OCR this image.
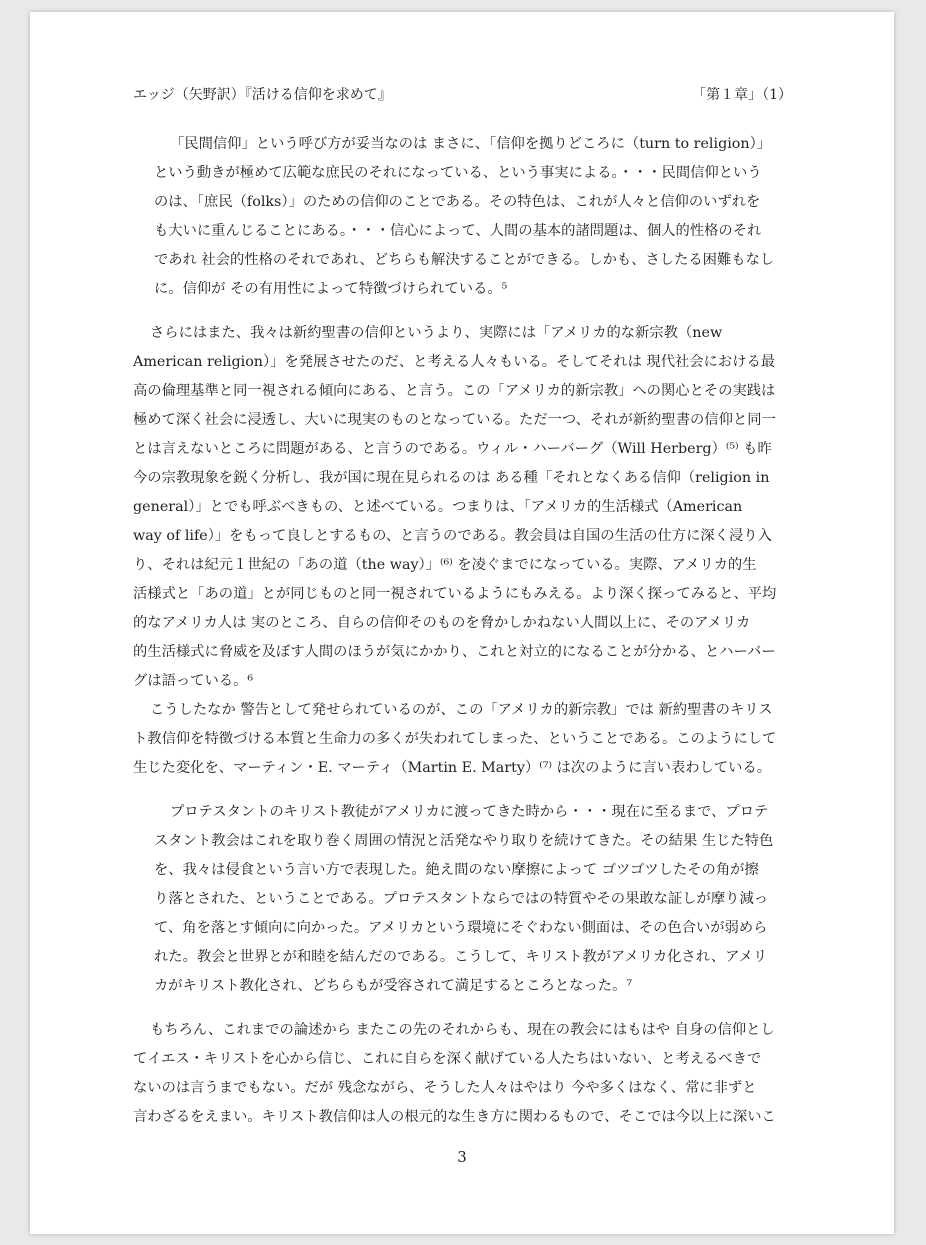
エッジ（矢野訳）『活ける信仰を求めて』	「第１章」（1）
「民間信仰」という呼び方が妥当なのは まさに、「信仰を拠りどころに（turn to religion）」
という動きが極めて広範な庶民のそれになっている、という事実による。・・・民間信仰という
のは、「庶民（folks）」のための信仰のことである。その特色は、これが人々と信仰のいずれを
も大いに重んじることにある。・・・信心によって、人間の基本的諸問題は、個人的性格のそれ
であれ 社会的性格のそれであれ、どちらも解決することができる。しかも、さしたる困難もなし
に。信仰が その有用性によって特徴づけられている。⁵
さらにはまた、我々は新約聖書の信仰というより、実際には「アメリカ的な新宗教（new
American religion）」を発展させたのだ、と考える人々もいる。そしてそれは 現代社会における最
高の倫理基準と同一視される傾向にある、と言う。この「アメリカ的新宗教」への関心とその実践は
極めて深く社会に浸透し、大いに現実のものとなっている。ただ一つ、それが新約聖書の信仰と同一
とは言えないところに問題がある、と言うのである。ウィル・ハーバーグ（Will Herberg）⁽⁵⁾ も昨
今の宗教現象を鋭く分析し、我が国に現在見られるのは ある種「それとなくある信仰（religion in
general）」とでも呼ぶべきもの、と述べている。つまりは、「アメリカ的生活様式（American
way of life）」をもって良しとするもの、と言うのである。教会員は自国の生活の仕方に深く浸り入
り、それは紀元１世紀の「あの道（the way）」⁽⁶⁾ を凌ぐまでになっている。実際、アメリカ的生
活様式と「あの道」とが同じものと同一視されているようにもみえる。より深く探ってみると、平均
的なアメリカ人は 実のところ、自らの信仰そのものを脅かしかねない人間以上に、そのアメリカ
的生活様式に脅威を及ぼす人間のほうが気にかかり、これと対立的になることが分かる、とハーバー
グは語っている。⁶
こうしたなか 警告として発せられているのが、この「アメリカ的新宗教」では 新約聖書のキリス
ト教信仰を特徴づける本質と生命力の多くが失われてしまった、ということである。このようにして
生じた変化を、マーティン・E. マーティ（Martin E. Marty）⁽⁷⁾ は次のように言い表わしている。
プロテスタントのキリスト教徒がアメリカに渡ってきた時から・・・現在に至るまで、プロテ
スタント教会はこれを取り巻く周囲の情況と活発なやり取りを続けてきた。その結果 生じた特色
を、我々は侵食という言い方で表現した。絶え間のない摩擦によって ゴツゴツしたその角が擦
り落とされた、ということである。プロテスタントならではの特質やその果敢な証しが摩り減っ
て、角を落とす傾向に向かった。アメリカという環境にそぐわない側面は、その色合いが弱めら
れた。教会と世界とが和睦を結んだのである。こうして、キリスト教がアメリカ化され、アメリ
カがキリスト教化され、どちらもが受容されて満足するところとなった。⁷
もちろん、これまでの論述から またこの先のそれからも、現在の教会にはもはや 自身の信仰とし
てイエス・キリストを心から信じ、これに自らを深く献げている人たちはいない、と考えるべきで
ないのは言うまでもない。だが 残念ながら、そうした人々はやはり 今や多くはなく、常に非ずと
言わざるをえまい。キリスト教信仰は人の根元的な生き方に関わるもので、そこでは今以上に深いこ
3
